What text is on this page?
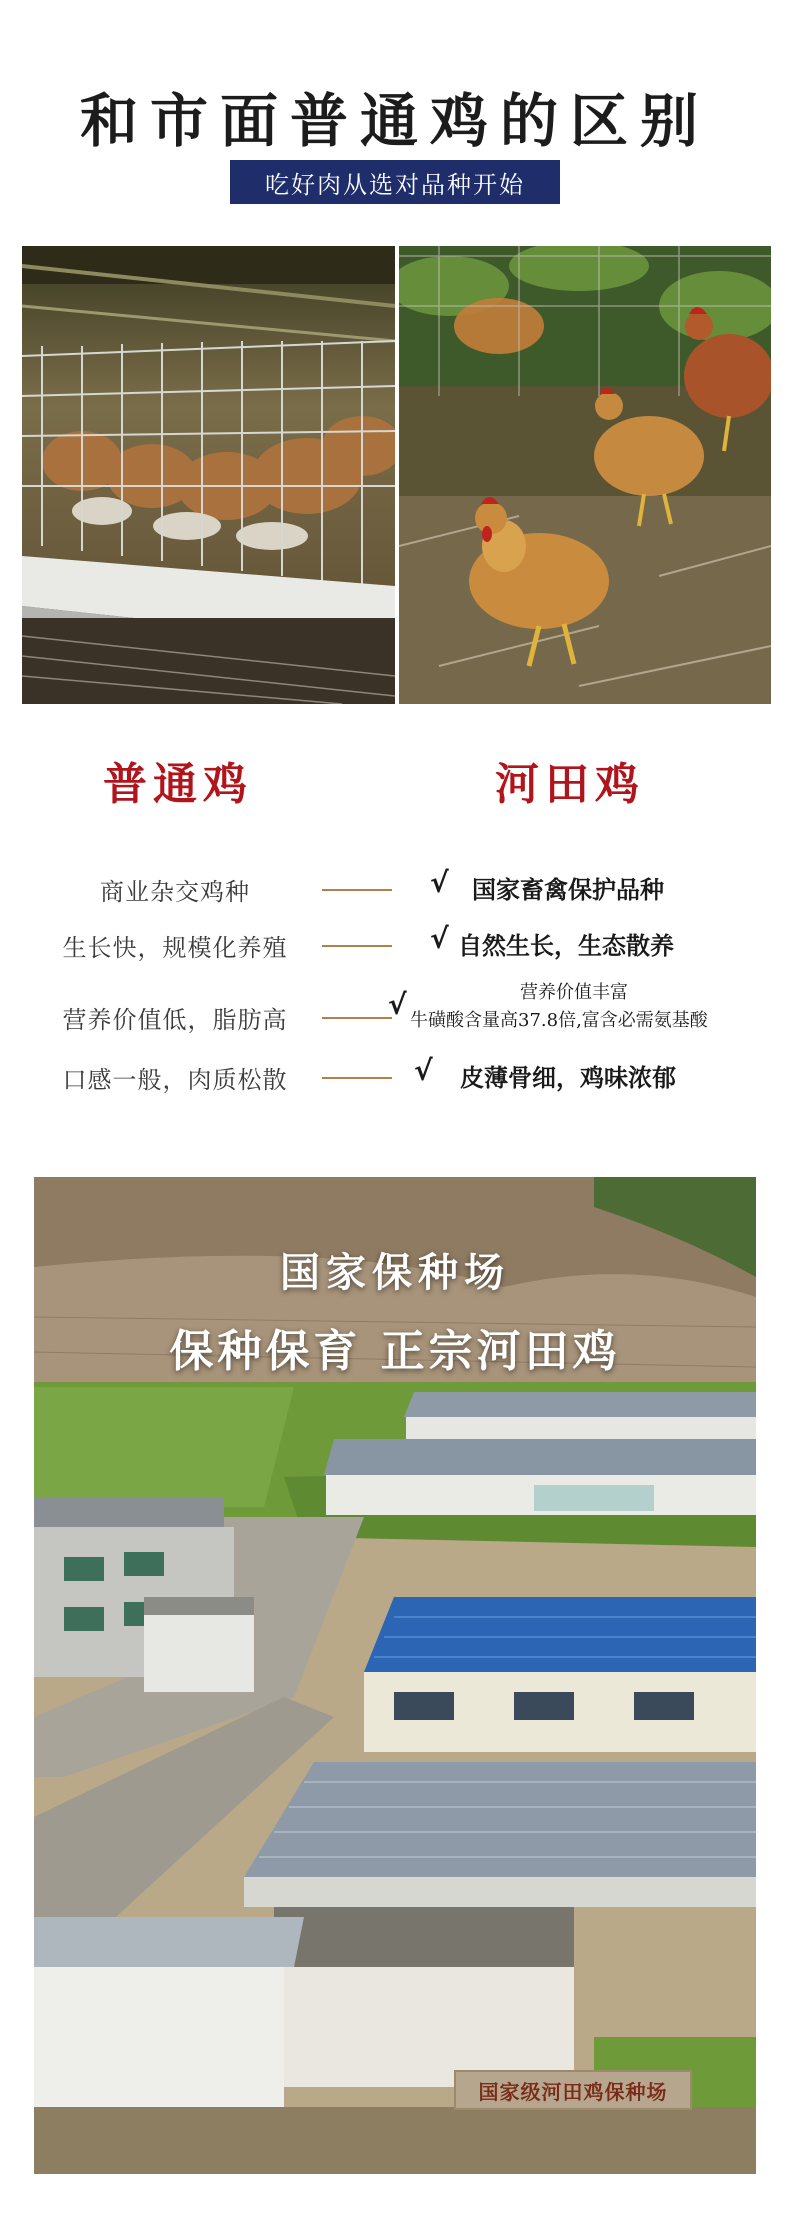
和市面普通鸡的区别
吃好肉从选对品种开始
普通鸡	河田鸡
商业杂交鸡种	√ 国家畜禽保护品种
生长快，规模化养殖	√ 自然生长，生态散养
营养价值低，脂肪高	√	营养价值丰富
牛磺酸含量高37.8倍,富含必需氨基酸
口感一般，肉质松散	√ 皮薄骨细，鸡味浓郁
国家保种场
保种保育 正宗河田鸡
国家级河田鸡保种场
